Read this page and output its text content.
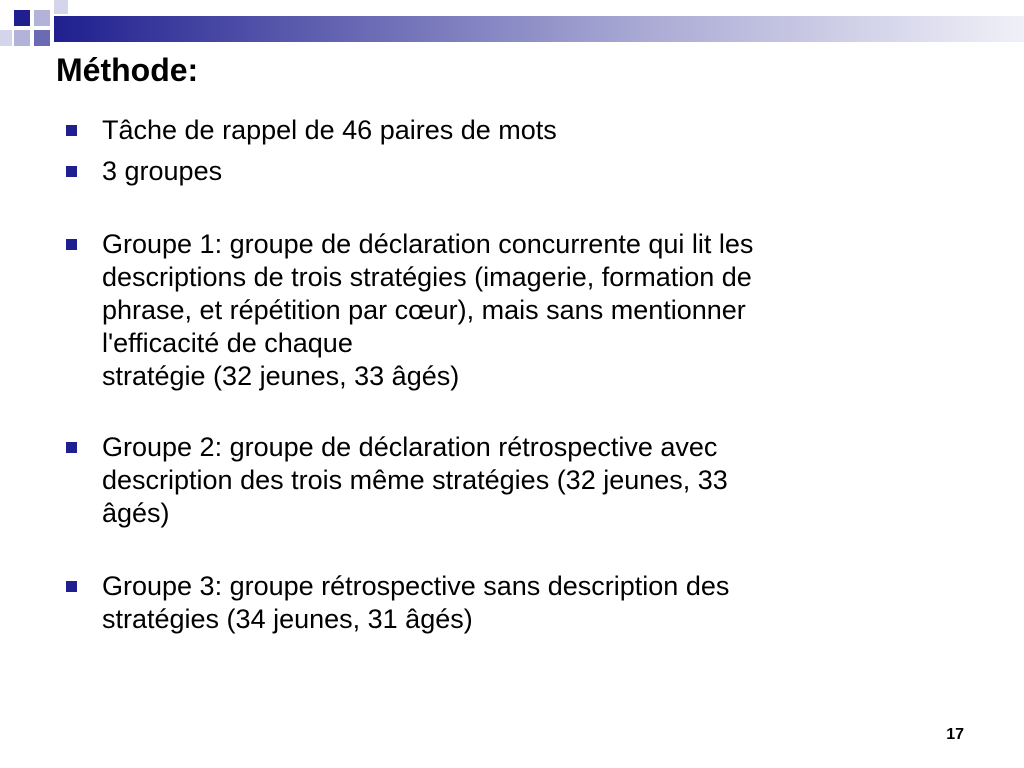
Méthode:
Tâche de rappel de 46 paires de mots
3 groupes
Groupe 1: groupe de déclaration concurrente qui lit les
descriptions de trois stratégies (imagerie, formation de
phrase, et répétition par cœur), mais sans mentionner
l'efficacité de chaque
stratégie (32 jeunes, 33 âgés)
Groupe 2: groupe de déclaration rétrospective avec
description des trois même stratégies (32 jeunes, 33
âgés)
Groupe 3: groupe rétrospective sans description des
stratégies (34 jeunes, 31 âgés)
17
